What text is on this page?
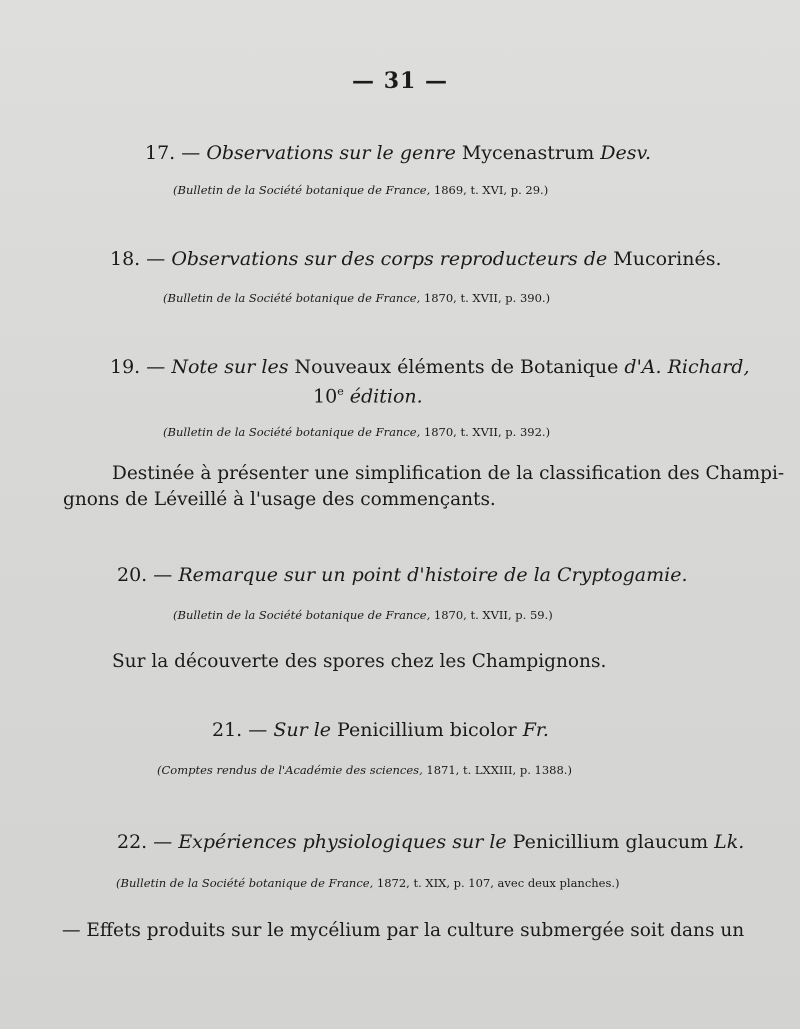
— 31 —
17. — Observations sur le genre Mycenastrum Desv.
(Bulletin de la Société botanique de France, 1869, t. XVI, p. 29.)
18. — Observations sur des corps reproducteurs de Mucorinés.
(Bulletin de la Société botanique de France, 1870, t. XVII, p. 390.)
19. — Note sur les Nouveaux éléments de Botanique d'A. Richard,
10e édition.
(Bulletin de la Société botanique de France, 1870, t. XVII, p. 392.)
Destinée à présenter une simplification de la classification des Champi-
gnons de Léveillé à l'usage des commençants.
20. — Remarque sur un point d'histoire de la Cryptogamie.
(Bulletin de la Société botanique de France, 1870, t. XVII, p. 59.)
Sur la découverte des spores chez les Champignons.
21. — Sur le Penicillium bicolor Fr.
(Comptes rendus de l'Académie des sciences, 1871, t. LXXIII, p. 1388.)
22. — Expériences physiologiques sur le Penicillium glaucum Lk.
(Bulletin de la Société botanique de France, 1872, t. XIX, p. 107, avec deux planches.)
— Effets produits sur le mycélium par la culture submergée soit dans un
